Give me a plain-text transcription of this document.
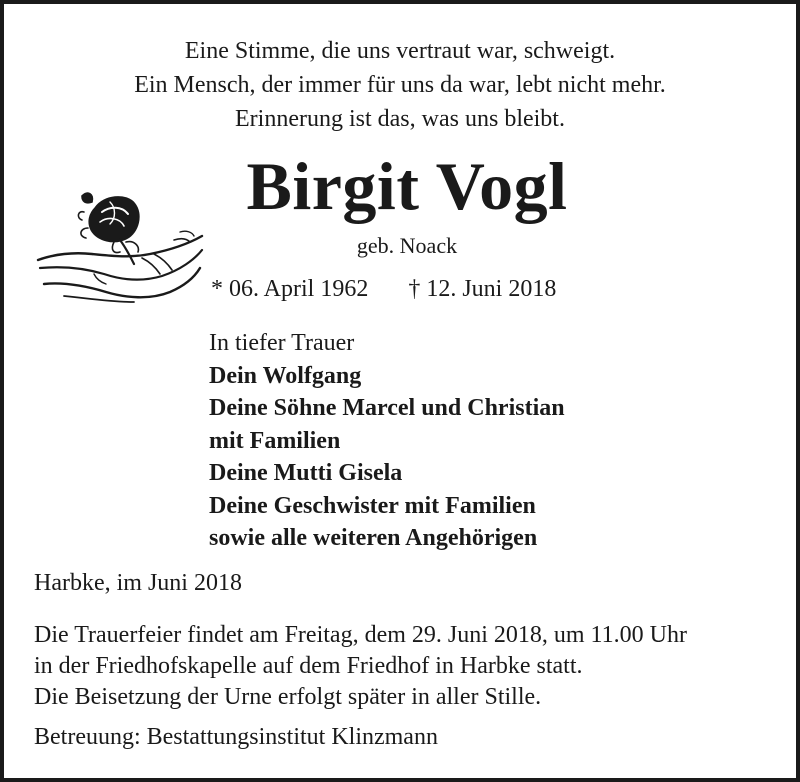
Eine Stimme, die uns vertraut war, schweigt.
Ein Mensch, der immer für uns da war, lebt nicht mehr.
Erinnerung ist das, was uns bleibt.
Birgit Vogl
geb. Noack
* 06. April 1962 † 12. Juni 2018
In tiefer Trauer
Dein Wolfgang
Deine Söhne Marcel und Christian
mit Familien
Deine Mutti Gisela
Deine Geschwister mit Familien
sowie alle weiteren Angehörigen
Harbke, im Juni 2018
Die Trauerfeier findet am Freitag, dem 29. Juni 2018, um 11.00 Uhr
in der Friedhofskapelle auf dem Friedhof in Harbke statt.
Die Beisetzung der Urne erfolgt später in aller Stille.
Betreuung: Bestattungsinstitut Klinzmann
